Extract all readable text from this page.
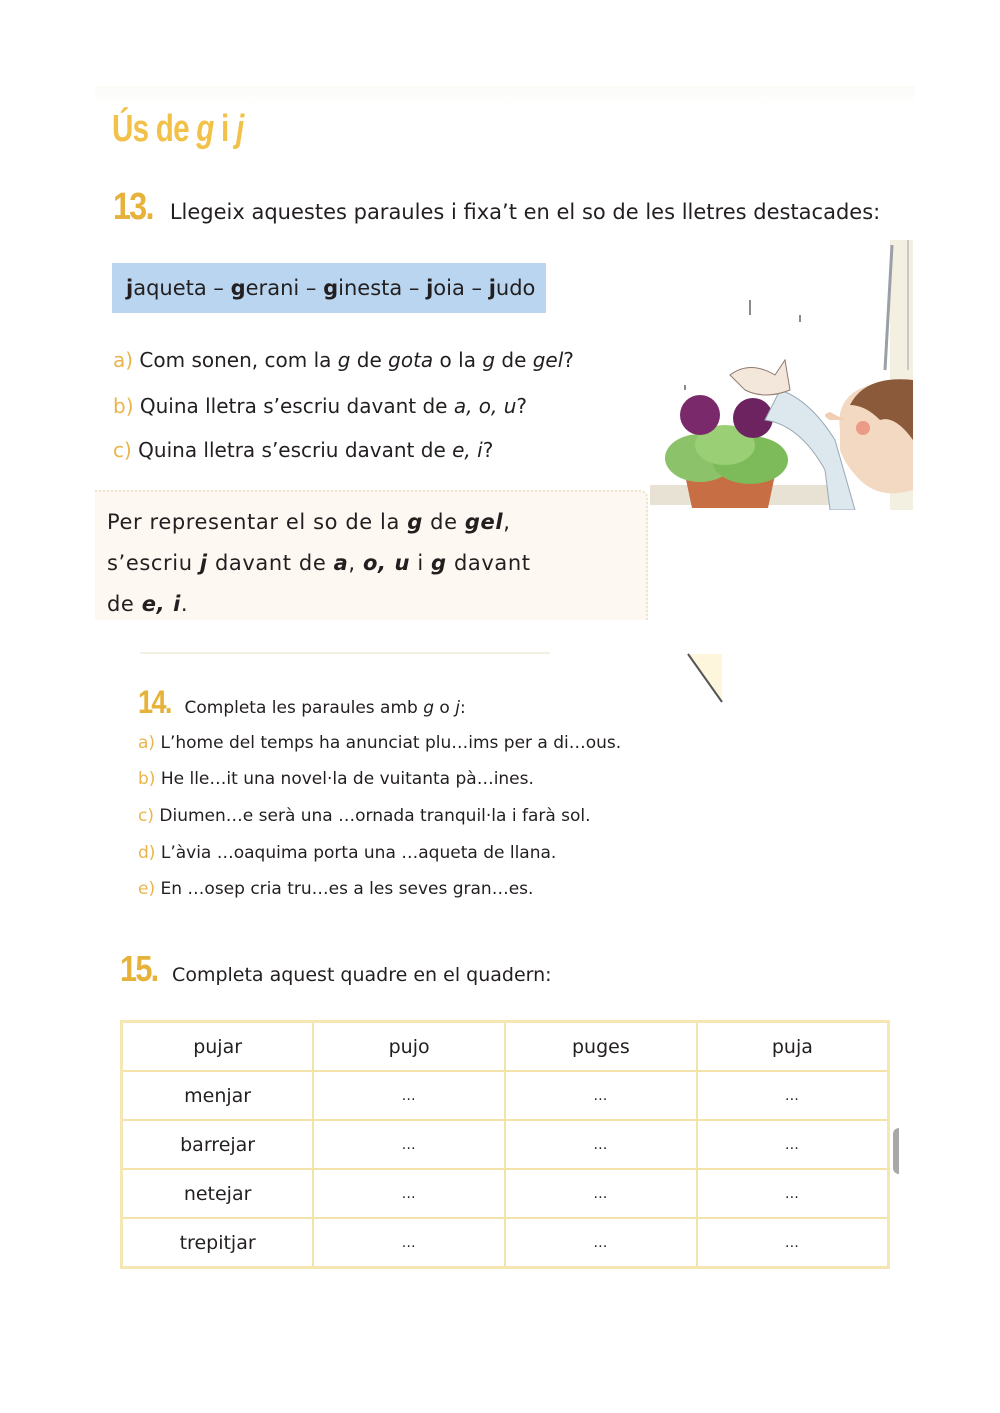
Ús de g i j
13. Llegeix aquestes paraules i fixa’t en el so de les lletres destacades:
jaqueta – gerani – ginesta – joia – judo
a) Com sonen, com la g de gota o la g de gel?
b) Quina lletra s’escriu davant de a, o, u?
c) Quina lletra s’escriu davant de e, i?
Per representar el so de la g de gel,
s’escriu j davant de a, o, u i g davant
de e, i.
14. Completa les paraules amb g o j:
a) L’home del temps ha anunciat plu…ims per a di…ous.
b) He lle…it una novel·la de vuitanta pà…ines.
c) Diumen…e serà una …ornada tranquil·la i farà sol.
d) L’àvia …oaquima porta una …aqueta de llana.
e) En …osep cria tru…es a les seves gran…es.
15. Completa aquest quadre en el quadern:
pujar	pujo	puges	puja
menjar	…	…	…
barrejar	…	…	…
netejar	…	…	…
trepitjar	…	…	…
